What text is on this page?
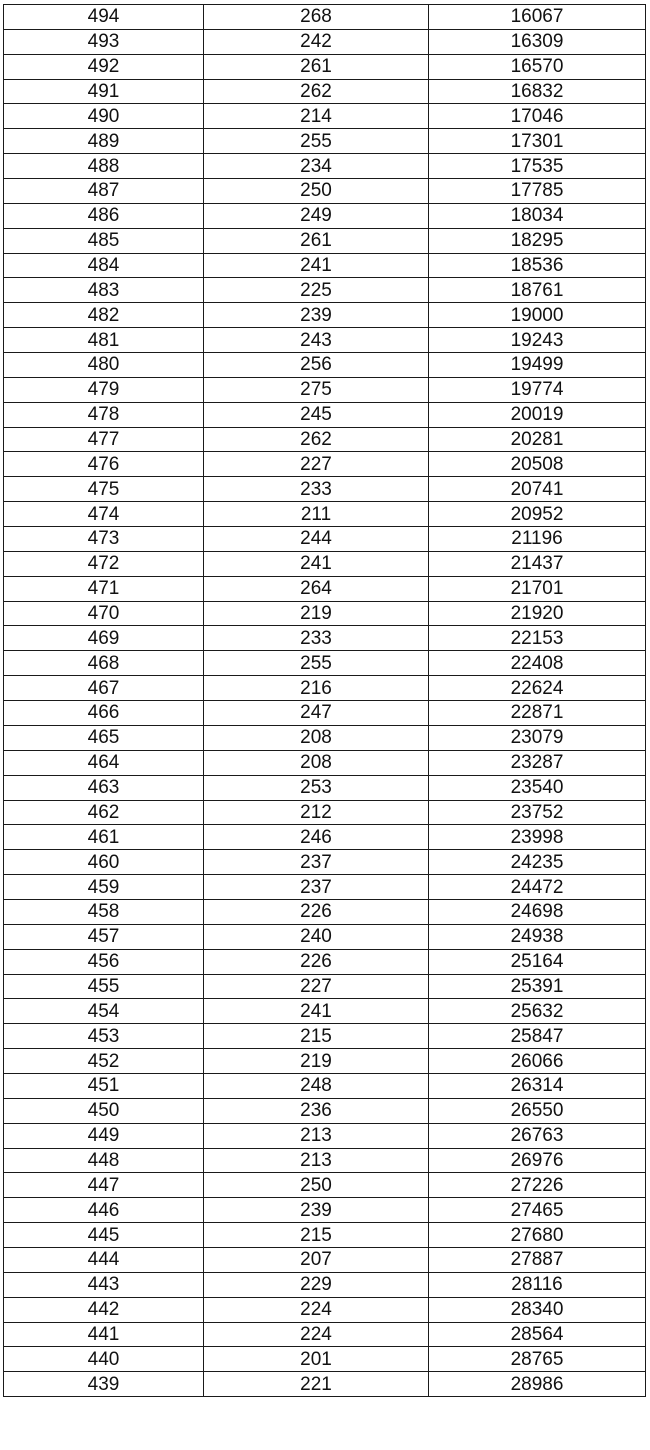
494	268	16067
493	242	16309
492	261	16570
491	262	16832
490	214	17046
489	255	17301
488	234	17535
487	250	17785
486	249	18034
485	261	18295
484	241	18536
483	225	18761
482	239	19000
481	243	19243
480	256	19499
479	275	19774
478	245	20019
477	262	20281
476	227	20508
475	233	20741
474	211	20952
473	244	21196
472	241	21437
471	264	21701
470	219	21920
469	233	22153
468	255	22408
467	216	22624
466	247	22871
465	208	23079
464	208	23287
463	253	23540
462	212	23752
461	246	23998
460	237	24235
459	237	24472
458	226	24698
457	240	24938
456	226	25164
455	227	25391
454	241	25632
453	215	25847
452	219	26066
451	248	26314
450	236	26550
449	213	26763
448	213	26976
447	250	27226
446	239	27465
445	215	27680
444	207	27887
443	229	28116
442	224	28340
441	224	28564
440	201	28765
439	221	28986
